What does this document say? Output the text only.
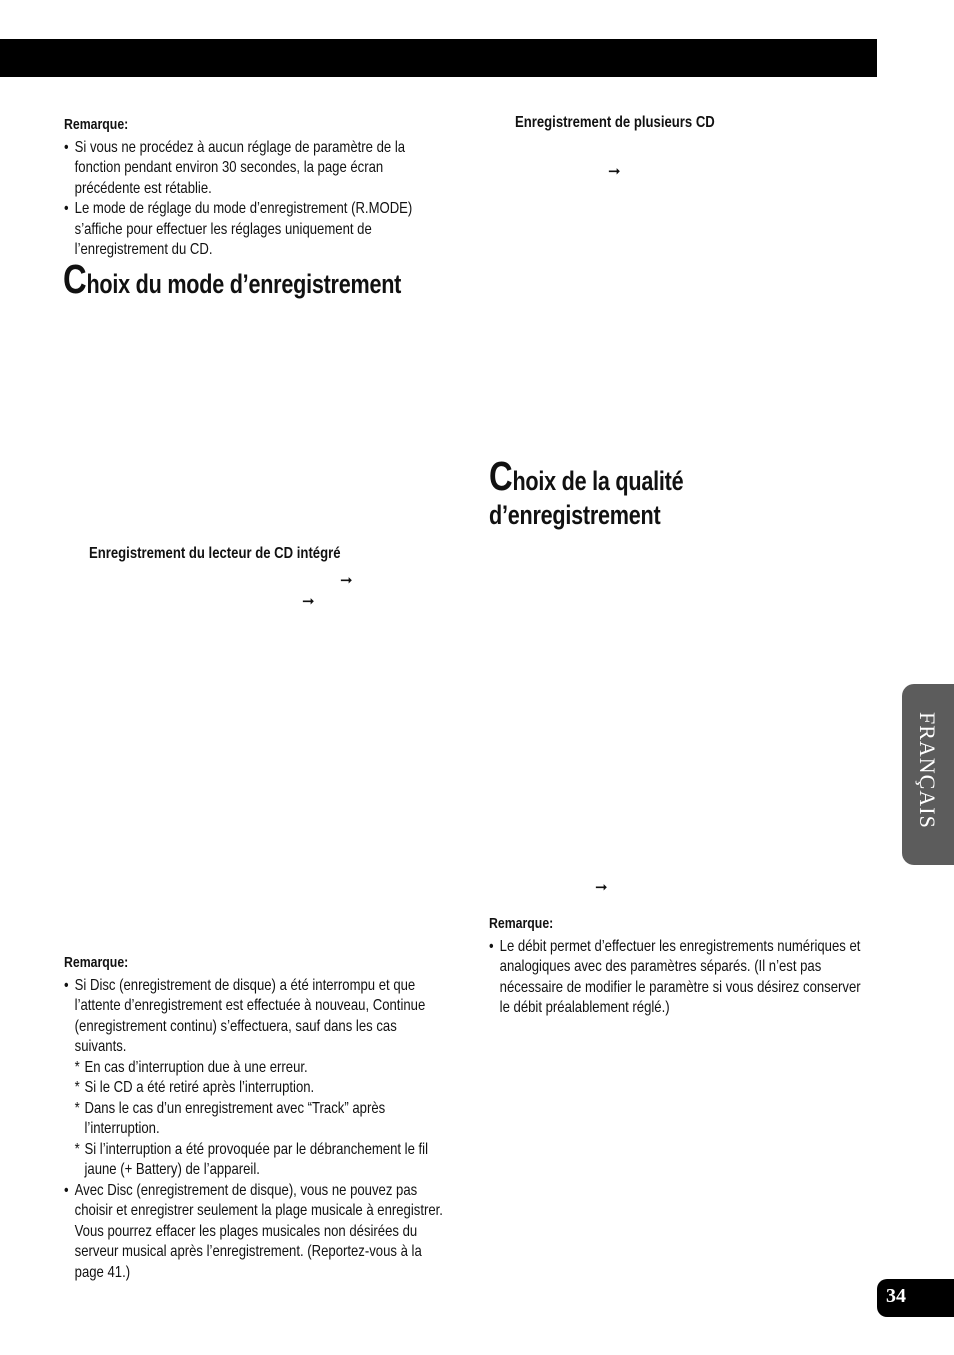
Remarque:
• Si vous ne procédez à aucun réglage de paramètre de la fonction pendant environ 30 secondes, la page écran précédente est rétablie.
• Le mode de réglage du mode d’enregistrement (R.MODE) s’affiche pour effectuer les réglages uniquement de l’enregistrement du CD.
Choix du mode d’enregistrement
Enregistrement du lecteur de CD intégré
➞
➞
Remarque:
• Si Disc (enregistrement de disque) a été interrompu et que l’attente d’enregistrement est effectuée à nouveau, Continue (enregistrement continu) s’effectuera, sauf dans les cas suivants.
* En cas d’interruption due à une erreur.
* Si le CD a été retiré après l’interruption.
* Dans le cas d’un enregistrement avec “Track” après l’interruption.
* Si l’interruption a été provoquée par le débranchement le fil jaune (+ Battery) de l’appareil.
• Avec Disc (enregistrement de disque), vous ne pouvez pas choisir et enregistrer seulement la plage musicale à enregistrer. Vous pourrez effacer les plages musicales non désirées du serveur musical après l’enregistrement. (Reportez-vous à la page 41.)
Enregistrement de plusieurs CD
➞
Choix de la qualité
d’enregistrement
➞
Remarque:
• Le débit permet d’effectuer les enregistrements numériques et analogiques avec des paramètres séparés. (Il n’est pas nécessaire de modifier le paramètre si vous désirez conserver le débit préalablement réglé.)
FRANÇAIS
34
